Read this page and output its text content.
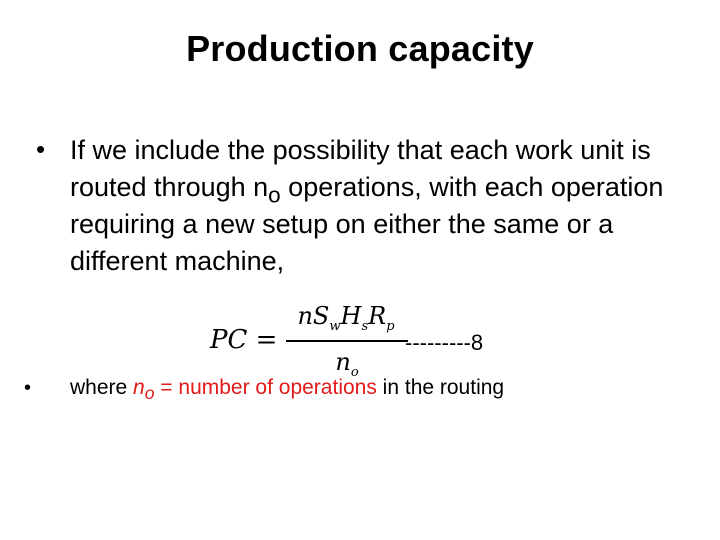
Production capacity
• If we include the possibility that each work unit is routed through $n_o$ operations, with each operation requiring a new setup on either the same or a different machine,
PC =
$nS_wH_sR_p$
$n_o$
---------8
• where $n_o$ = number of operations in the routing
